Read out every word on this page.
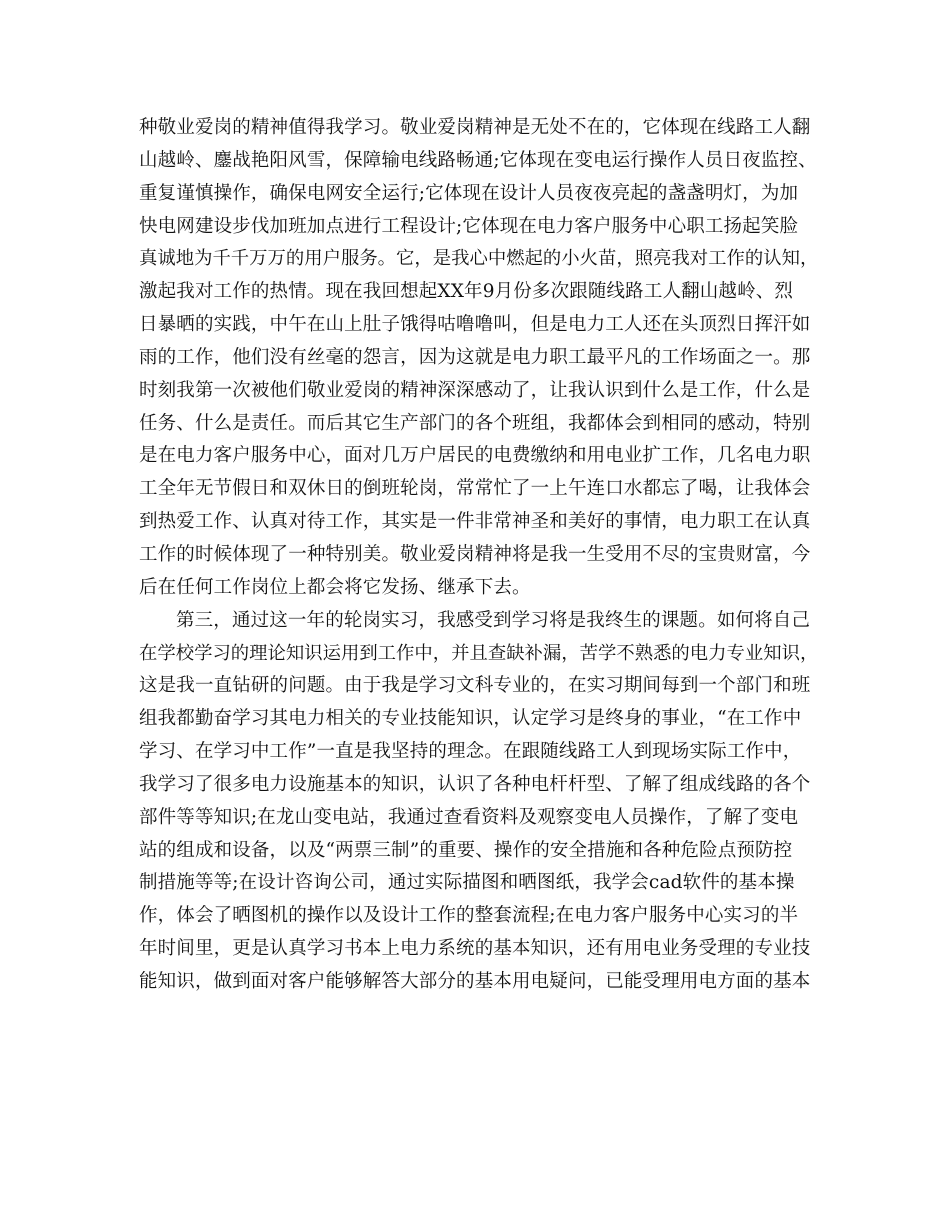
种敬业爱岗的精神值得我学习。敬业爱岗精神是无处不在的，它体现在线路工人翻
山越岭、鏖战艳阳风雪，保障输电线路畅通;它体现在变电运行操作人员日夜监控、
重复谨慎操作，确保电网安全运行;它体现在设计人员夜夜亮起的盏盏明灯，为加
快电网建设步伐加班加点进行工程设计;它体现在电力客户服务中心职工扬起笑脸
真诚地为千千万万的用户服务。它，是我心中燃起的小火苗，照亮我对工作的认知，
激起我对工作的热情。现在我回想起XX年9月份多次跟随线路工人翻山越岭、烈
日暴晒的实践，中午在山上肚子饿得咕噜噜叫，但是电力工人还在头顶烈日挥汗如
雨的工作，他们没有丝毫的怨言，因为这就是电力职工最平凡的工作场面之一。那
时刻我第一次被他们敬业爱岗的精神深深感动了，让我认识到什么是工作，什么是
任务、什么是责任。而后其它生产部门的各个班组，我都体会到相同的感动，特别
是在电力客户服务中心，面对几万户居民的电费缴纳和用电业扩工作，几名电力职
工全年无节假日和双休日的倒班轮岗，常常忙了一上午连口水都忘了喝，让我体会
到热爱工作、认真对待工作，其实是一件非常神圣和美好的事情，电力职工在认真
工作的时候体现了一种特别美。敬业爱岗精神将是我一生受用不尽的宝贵财富，今
后在任何工作岗位上都会将它发扬、继承下去。
第三，通过这一年的轮岗实习，我感受到学习将是我终生的课题。如何将自己
在学校学习的理论知识运用到工作中，并且查缺补漏，苦学不熟悉的电力专业知识，
这是我一直钻研的问题。由于我是学习文科专业的，在实习期间每到一个部门和班
组我都勤奋学习其电力相关的专业技能知识，认定学习是终身的事业，“在工作中
学习、在学习中工作”一直是我坚持的理念。在跟随线路工人到现场实际工作中，
我学习了很多电力设施基本的知识，认识了各种电杆杆型、了解了组成线路的各个
部件等等知识;在龙山变电站，我通过查看资料及观察变电人员操作，了解了变电
站的组成和设备，以及“两票三制”的重要、操作的安全措施和各种危险点预防控
制措施等等;在设计咨询公司，通过实际描图和晒图纸，我学会cad软件的基本操
作，体会了晒图机的操作以及设计工作的整套流程;在电力客户服务中心实习的半
年时间里，更是认真学习书本上电力系统的基本知识，还有用电业务受理的专业技
能知识，做到面对客户能够解答大部分的基本用电疑问，已能受理用电方面的基本
